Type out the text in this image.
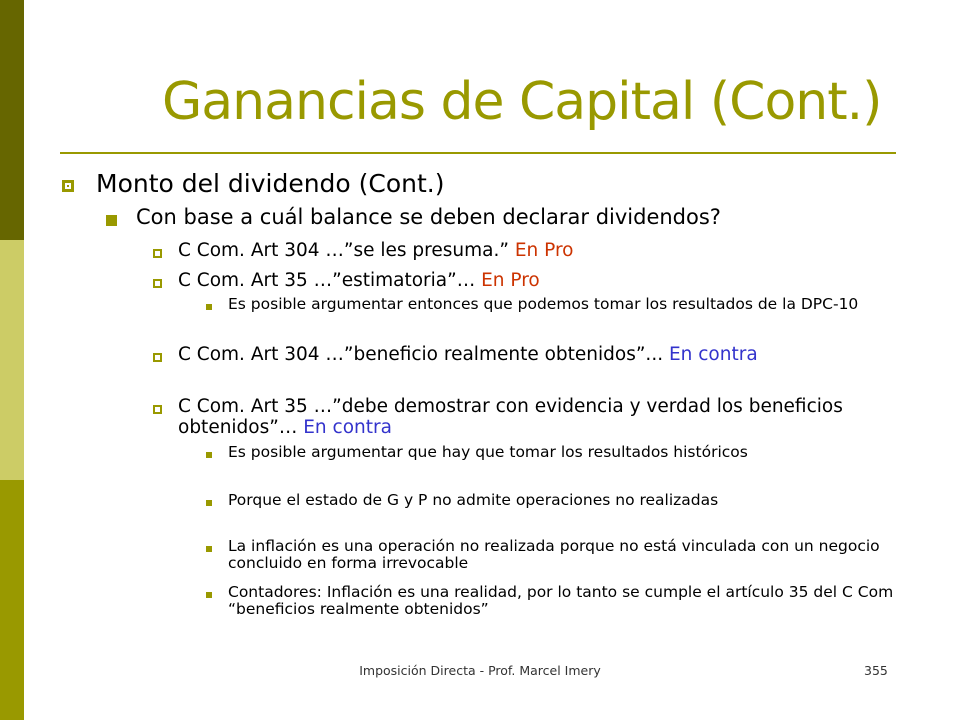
Ganancias de Capital (Cont.)
Monto del dividendo (Cont.)
Con base a cuál balance se deben declarar dividendos?
C Com. Art 304 …”se les presuma.” En Pro
C Com. Art 35 …”estimatoria”… En Pro
Es posible argumentar entonces que podemos tomar los resultados de la DPC-10
C Com. Art 304 …”beneficio realmente obtenidos”... En contra
C Com. Art 35 …”debe demostrar con evidencia y verdad los beneficios obtenidos”… En contra
Es posible argumentar que hay que tomar los resultados históricos
Porque el estado de G y P no admite operaciones no realizadas
La inflación es una operación no realizada porque no está vinculada con un negocio concluido en forma irrevocable
Contadores: Inflación es una realidad, por lo tanto se cumple el artículo 35 del C Com “beneficios realmente obtenidos”
Imposición Directa - Prof. Marcel Imery	355
